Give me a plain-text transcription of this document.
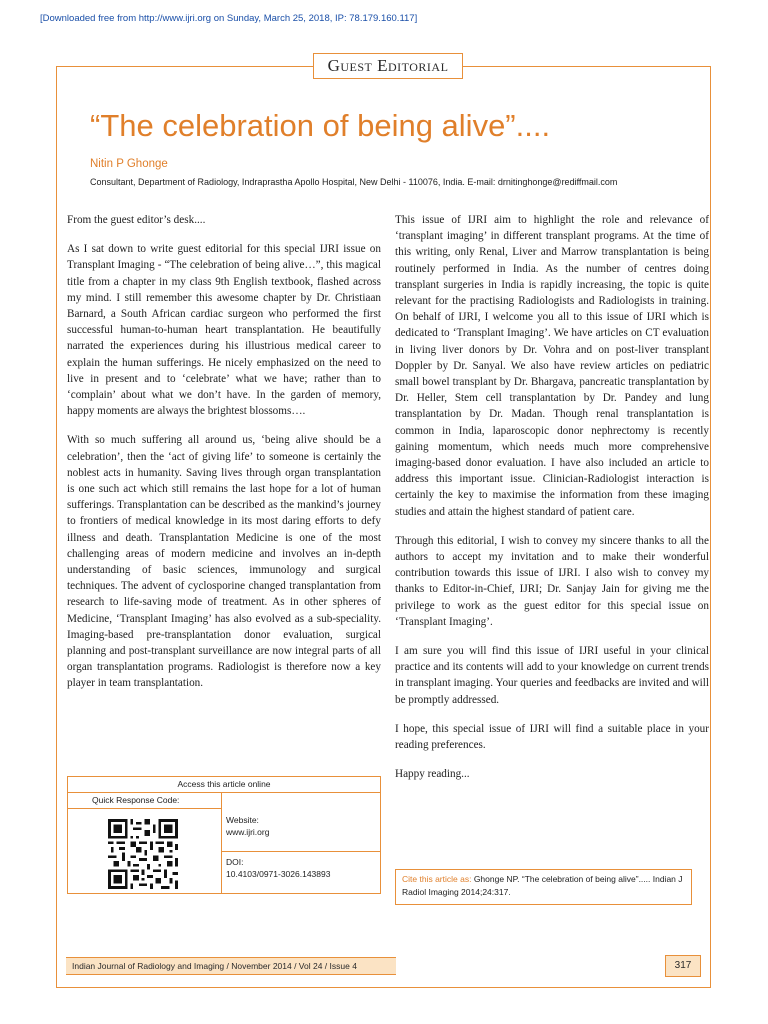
[Downloaded free from http://www.ijri.org on Sunday, March 25, 2018, IP: 78.179.160.117]
Guest Editorial
“The celebration of being alive”....
Nitin P Ghonge
Consultant, Department of Radiology, Indraprastha Apollo Hospital, New Delhi - 110076, India. E-mail: drnitinghonge@rediffmail.com

From the guest editor’s desk....

As I sat down to write guest editorial for this special IJRI issue on Transplant Imaging - “The celebration of being alive…”, this magical title from a chapter in my class 9th English textbook, flashed across my mind. I still remember this awesome chapter by Dr. Christiaan Barnard, a South African cardiac surgeon who performed the first successful human-to-human heart transplantation. He beautifully narrated the experiences during his illustrious medical career to explain the human sufferings. He nicely emphasized on the need to live in present and to ‘celebrate’ what we have; rather than to ‘complain’ about what we don’t have. In the garden of memory, happy moments are always the brightest blossoms….

With so much suffering all around us, ‘being alive should be a celebration’, then the ‘act of giving life’ to someone is certainly the noblest acts in humanity. Saving lives through organ transplantation is one such act which still remains the last hope for a lot of human sufferings. Transplantation can be described as the mankind’s journey to frontiers of medical knowledge in its most daring efforts to defy illness and death. Transplantation Medicine is one of the most challenging areas of modern medicine and involves an in-depth understanding of basic sciences, immunology and surgical techniques. The advent of cyclosporine changed transplantation from research to life-saving mode of treatment. As in other spheres of Medicine, ‘Transplant Imaging’ has also evolved as a sub-speciality. Imaging-based pre-transplantation donor evaluation, surgical planning and post-transplant surveillance are now integral parts of all organ transplantation programs. Radiologist is therefore now a key player in team transplantation.

This issue of IJRI aim to highlight the role and relevance of ‘transplant imaging’ in different transplant programs. At the time of this writing, only Renal, Liver and Marrow transplantation is being routinely performed in India. As the number of centres doing transplant surgeries in India is rapidly increasing, the topic is quite relevant for the practising Radiologists and Radiologists in training. On behalf of IJRI, I welcome you all to this issue of IJRI which is dedicated to ‘Transplant Imaging’. We have articles on CT evaluation in living liver donors by Dr. Vohra and on post-liver transplant Doppler by Dr. Sanyal. We also have review articles on pediatric small bowel transplant by Dr. Bhargava, pancreatic transplantation by Dr. Heller, Stem cell transplantation by Dr. Pandey and lung transplantation by Dr. Madan. Though renal transplantation is common in India, laparoscopic donor nephrectomy is recently gaining momentum, which needs much more comprehensive imaging-based donor evaluation. I have also included an article to address this important issue. Clinician-Radiologist interaction is certainly the key to maximise the information from these imaging studies and attain the highest standard of patient care.

Through this editorial, I wish to convey my sincere thanks to all the authors to accept my invitation and to make their wonderful contribution towards this issue of IJRI. I also wish to convey my thanks to Editor-in-Chief, IJRI; Dr. Sanjay Jain for giving me the privilege to work as the guest editor for this special issue on ‘Transplant Imaging’.

I am sure you will find this issue of IJRI useful in your clinical practice and its contents will add to your knowledge on current trends in transplant imaging. Your queries and feedbacks are invited and will be promptly addressed.

I hope, this special issue of IJRI will find a suitable place in your reading preferences.

Happy reading...

Access this article online
Quick Response Code:
Website:
www.ijri.org
DOI:
10.4103/0971-3026.143893	Cite this article as: Ghonge NP. “The celebration of being alive”..... Indian J Radiol Imaging 2014;24:317.
Indian Journal of Radiology and Imaging / November 2014 / Vol 24 / Issue 4	317
